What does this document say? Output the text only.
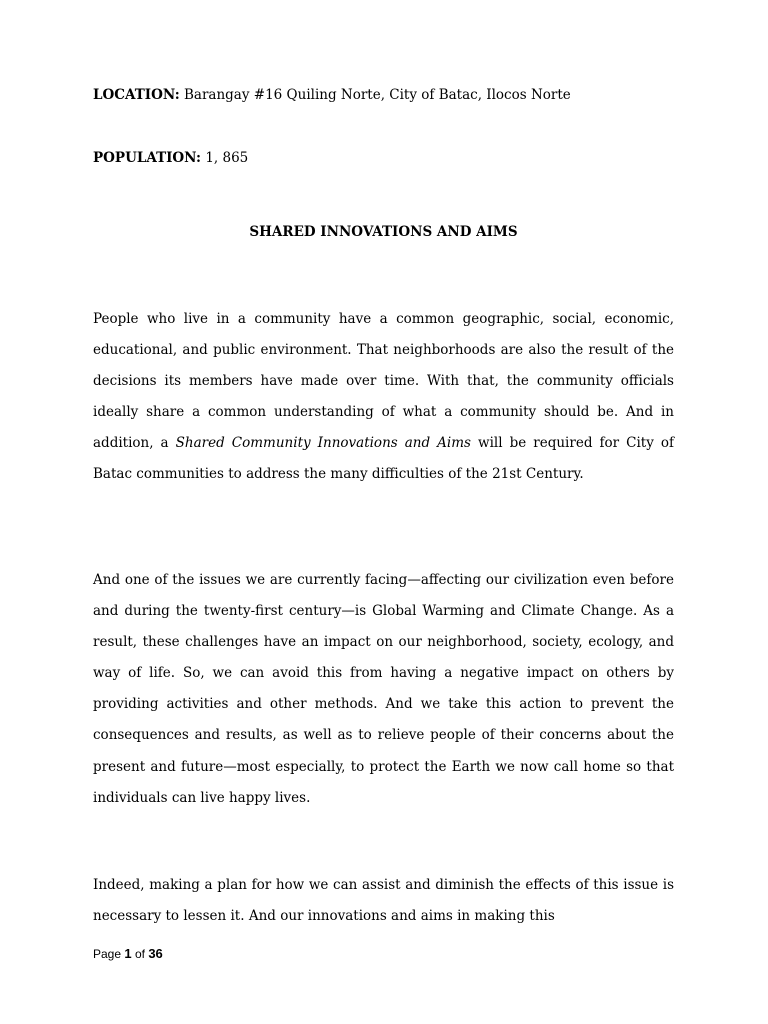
LOCATION: Barangay #16 Quiling Norte, City of Batac, Ilocos Norte
POPULATION: 1, 865
SHARED INNOVATIONS AND AIMS

People who live in a community have a common geographic, social, economic, educational, and public environment. That neighborhoods are also the result of the decisions its members have made over time. With that, the community officials ideally share a common understanding of what a community should be. And in addition, a Shared Community Innovations and Aims will be required for City of Batac communities to address the many difficulties of the 21st Century.

And one of the issues we are currently facing—affecting our civilization even before and during the twenty-first century—is Global Warming and Climate Change. As a result, these challenges have an impact on our neighborhood, society, ecology, and way of life. So, we can avoid this from having a negative impact on others by providing activities and other methods. And we take this action to prevent the consequences and results, as well as to relieve people of their concerns about the present and future—most especially, to protect the Earth we now call home so that individuals can live happy lives.

Indeed, making a plan for how we can assist and diminish the effects of this issue is necessary to lessen it. And our innovations and aims in making this

Page 1 of 36
